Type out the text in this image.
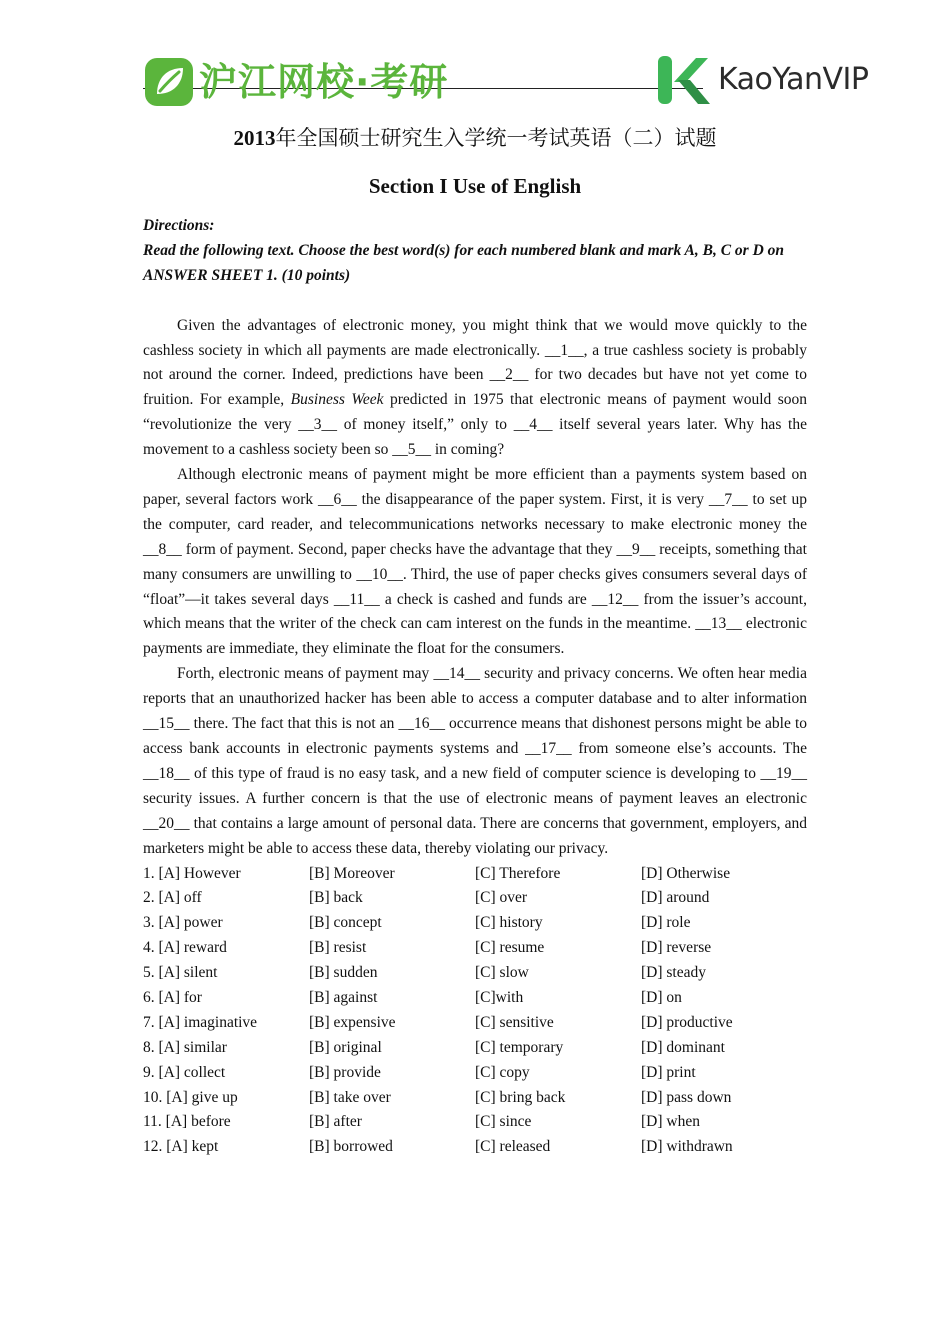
沪江网校·考研	KaoYanVIP
2013年全国硕士研究生入学统一考试英语（二）试题
Section I Use of English
Directions:
Read the following text. Choose the best word(s) for each numbered blank and mark A, B, C or D on ANSWER SHEET 1. (10 points)
Given the advantages of electronic money, you might think that we would move quickly to the cashless society in which all payments are made electronically. __1__, a true cashless society is probably not around the corner. Indeed, predictions have been __2__ for two decades but have not yet come to fruition. For example, Business Week predicted in 1975 that electronic means of payment would soon “revolutionize the very __3__ of money itself,” only to __4__ itself several years later. Why has the movement to a cashless society been so __5__ in coming?
Although electronic means of payment might be more efficient than a payments system based on paper, several factors work __6__ the disappearance of the paper system. First, it is very __7__ to set up the computer, card reader, and telecommunications networks necessary to make electronic money the __8__ form of payment. Second, paper checks have the advantage that they __9__ receipts, something that many consumers are unwilling to __10__. Third, the use of paper checks gives consumers several days of “float”—it takes several days __11__ a check is cashed and funds are __12__ from the issuer’s account, which means that the writer of the check can cam interest on the funds in the meantime. __13__ electronic payments are immediate, they eliminate the float for the consumers.
Forth, electronic means of payment may __14__ security and privacy concerns. We often hear media reports that an unauthorized hacker has been able to access a computer database and to alter information __15__ there. The fact that this is not an __16__ occurrence means that dishonest persons might be able to access bank accounts in electronic payments systems and __17__ from someone else’s accounts. The __18__ of this type of fraud is no easy task, and a new field of computer science is developing to __19__ security issues. A further concern is that the use of electronic means of payment leaves an electronic __20__ that contains a large amount of personal data. There are concerns that government, employers, and marketers might be able to access these data, thereby violating our privacy.
1. [A] However	[B] Moreover	[C] Therefore	[D] Otherwise
2. [A] off	[B] back	[C] over	[D] around
3. [A] power	[B] concept	[C] history	[D] role
4. [A] reward	[B] resist	[C] resume	[D] reverse
5. [A] silent	[B] sudden	[C] slow	[D] steady
6. [A] for	[B] against	[C]with	[D] on
7. [A] imaginative	[B] expensive	[C] sensitive	[D] productive
8. [A] similar	[B] original	[C] temporary	[D] dominant
9. [A] collect	[B] provide	[C] copy	[D] print
10. [A] give up	[B] take over	[C] bring back	[D] pass down
11. [A] before	[B] after	[C] since	[D] when
12. [A] kept	[B] borrowed	[C] released	[D] withdrawn
